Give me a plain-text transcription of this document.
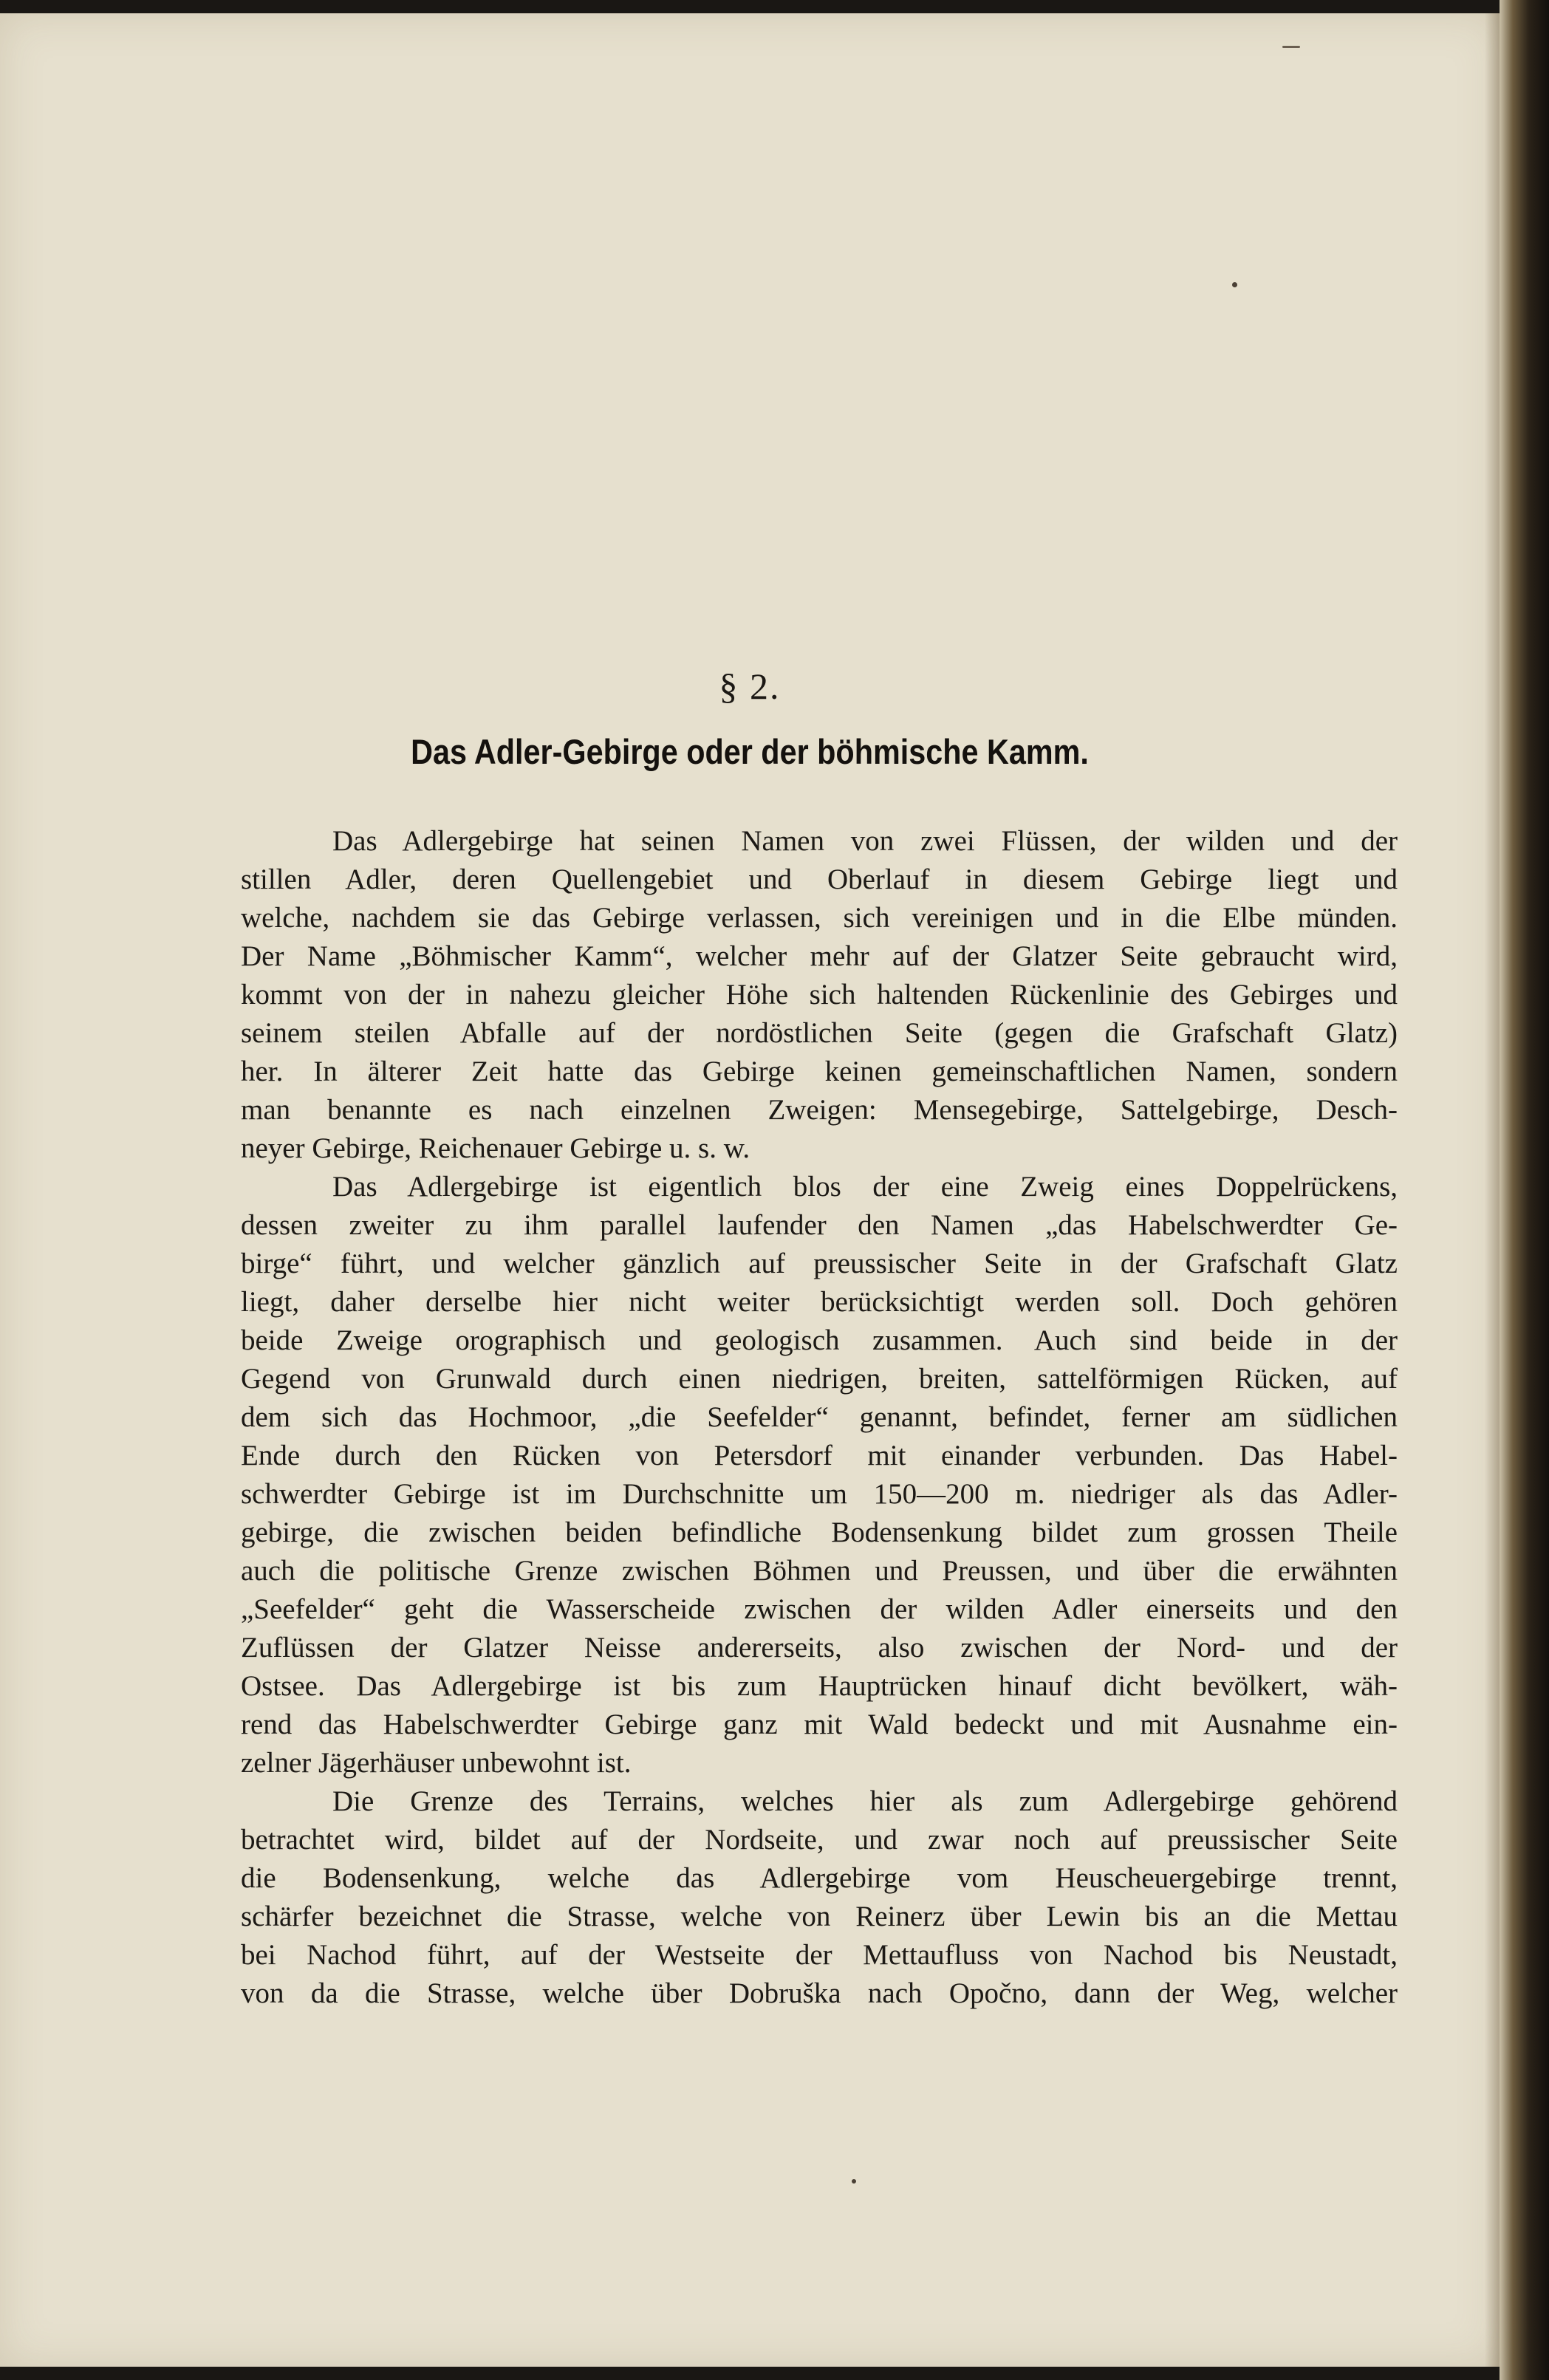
§ 2.
Das Adler-Gebirge oder der böhmische Kamm.
Das Adlergebirge hat seinen Namen von zwei Flüssen, der wilden und der
stillen Adler, deren Quellengebiet und Oberlauf in diesem Gebirge liegt und
welche, nachdem sie das Gebirge verlassen, sich vereinigen und in die Elbe münden.
Der Name „Böhmischer Kamm“, welcher mehr auf der Glatzer Seite gebraucht wird,
kommt von der in nahezu gleicher Höhe sich haltenden Rückenlinie des Gebirges und
seinem steilen Abfalle auf der nordöstlichen Seite (gegen die Grafschaft Glatz)
her. In älterer Zeit hatte das Gebirge keinen gemeinschaftlichen Namen, sondern
man benannte es nach einzelnen Zweigen: Mensegebirge, Sattelgebirge, Desch-
neyer Gebirge, Reichenauer Gebirge u. s. w.
Das Adlergebirge ist eigentlich blos der eine Zweig eines Doppelrückens,
dessen zweiter zu ihm parallel laufender den Namen „das Habelschwerdter Ge-
birge“ führt, und welcher gänzlich auf preussischer Seite in der Grafschaft Glatz
liegt, daher derselbe hier nicht weiter berücksichtigt werden soll. Doch gehören
beide Zweige orographisch und geologisch zusammen. Auch sind beide in der
Gegend von Grunwald durch einen niedrigen, breiten, sattelförmigen Rücken, auf
dem sich das Hochmoor, „die Seefelder“ genannt, befindet, ferner am südlichen
Ende durch den Rücken von Petersdorf mit einander verbunden. Das Habel-
schwerdter Gebirge ist im Durchschnitte um 150—200 m. niedriger als das Adler-
gebirge, die zwischen beiden befindliche Bodensenkung bildet zum grossen Theile
auch die politische Grenze zwischen Böhmen und Preussen, und über die erwähnten
„Seefelder“ geht die Wasserscheide zwischen der wilden Adler einerseits und den
Zuflüssen der Glatzer Neisse andererseits, also zwischen der Nord- und der
Ostsee. Das Adlergebirge ist bis zum Hauptrücken hinauf dicht bevölkert, wäh-
rend das Habelschwerdter Gebirge ganz mit Wald bedeckt und mit Ausnahme ein-
zelner Jägerhäuser unbewohnt ist.
Die Grenze des Terrains, welches hier als zum Adlergebirge gehörend
betrachtet wird, bildet auf der Nordseite, und zwar noch auf preussischer Seite
die Bodensenkung, welche das Adlergebirge vom Heuscheuergebirge trennt,
schärfer bezeichnet die Strasse, welche von Reinerz über Lewin bis an die Mettau
bei Nachod führt, auf der Westseite der Mettaufluss von Nachod bis Neustadt,
von da die Strasse, welche über Dobruška nach Opočno, dann der Weg, welcher
